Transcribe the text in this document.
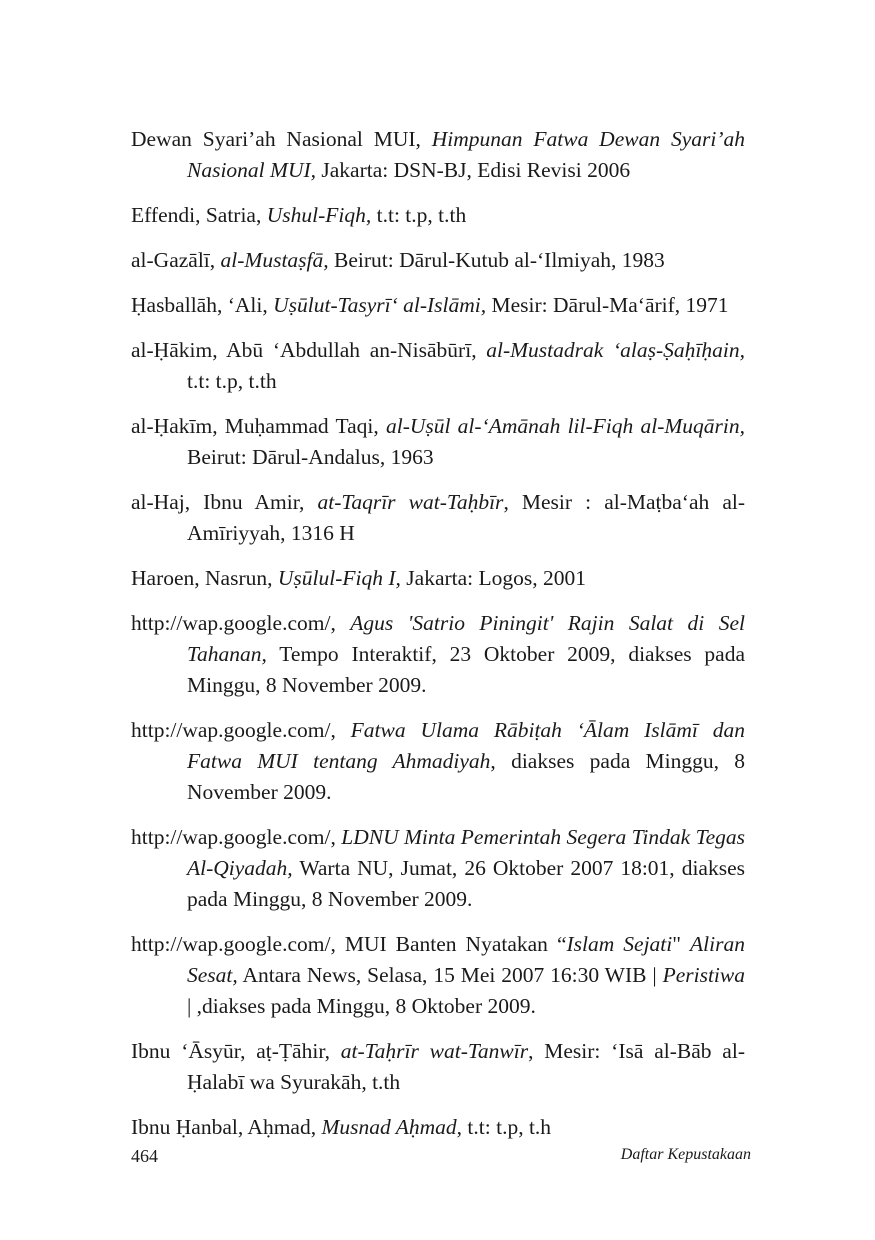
Dewan Syari’ah Nasional MUI, Himpunan Fatwa Dewan Syari’ah Nasional MUI, Jakarta: DSN-BJ, Edisi Revisi 2006

Effendi, Satria, Ushul-Fiqh, t.t: t.p, t.th

al-Gazālī, al-Mustaṣfā, Beirut: Dārul-Kutub al-‘Ilmiyah, 1983

Ḥasballāh, ‘Ali, Uṣūlut-Tasyrī‘ al-Islāmi, Mesir: Dārul-Ma‘ārif, 1971

al-Ḥākim, Abū ‘Abdullah an-Nisābūrī, al-Mustadrak ‘alaṣ-Ṣaḥīḥain, t.t: t.p, t.th

al-Ḥakīm, Muḥammad Taqi, al-Uṣūl al-‘Amānah lil-Fiqh al-Muqārin, Beirut: Dārul-Andalus, 1963

al-Haj, Ibnu Amir, at-Taqrīr wat-Taḥbīr, Mesir : al-Maṭba‘ah al-Amīriyyah, 1316 H

Haroen, Nasrun, Uṣūlul-Fiqh I, Jakarta: Logos, 2001

http://wap.google.com/, Agus 'Satrio Piningit' Rajin Salat di Sel Tahanan, Tempo Interaktif, 23 Oktober 2009, diakses pada Minggu, 8 November 2009.

http://wap.google.com/, Fatwa Ulama Rābiṭah ‘Ālam Islāmī dan Fatwa MUI tentang Ahmadiyah, diakses pada Minggu, 8 November 2009.

http://wap.google.com/, LDNU Minta Pemerintah Segera Tindak Tegas Al-Qiyadah, Warta NU, Jumat, 26 Oktober 2007 18:01, diakses pada Minggu, 8 November 2009.

http://wap.google.com/, MUI Banten Nyatakan “Islam Sejati" Aliran Sesat, Antara News, Selasa, 15 Mei 2007 16:30 WIB | Peristiwa | ,diakses pada Minggu, 8 Oktober 2009.

Ibnu ‘Āsyūr, aṭ-Ṭāhir, at-Taḥrīr wat-Tanwīr, Mesir: ‘Isā al-Bāb al-Ḥalabī wa Syurakāh, t.th

Ibnu Ḥanbal, Aḥmad, Musnad Aḥmad, t.t: t.p, t.h

464	Daftar Kepustakaan
